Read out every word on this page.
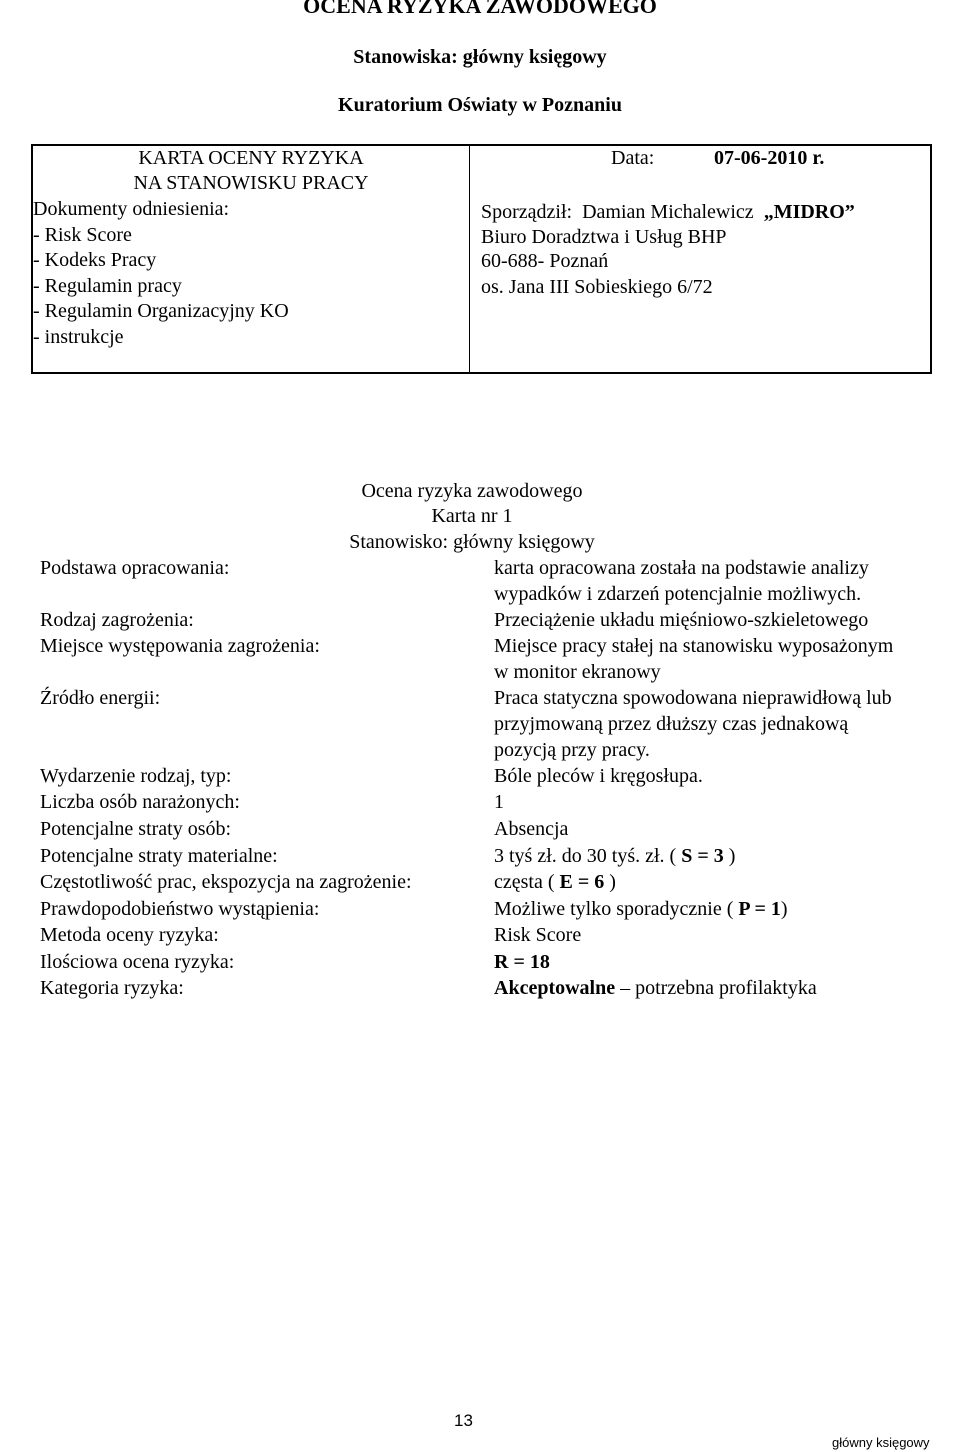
OCENA RYZYKA ZAWODOWEGO
Stanowiska: główny księgowy
Kuratorium Oświaty w Poznaniu
KARTA OCENY RYZYKA
NA STANOWISKU PRACY
Dokumenty odniesienia:
- Risk Score
- Kodeks Pracy
- Regulamin pracy
- Regulamin Organizacyjny KO
- instrukcje
Data:	07-06-2010 r.
Sporządził: Damian Michalewicz „MIDRO”
Biuro Doradztwa i Usług BHP
60-688- Poznań
os. Jana III Sobieskiego 6/72
Ocena ryzyka zawodowego
Karta nr 1
Stanowisko: główny księgowy
Podstawa opracowania:	karta opracowana została na podstawie analizy
wypadków i zdarzeń potencjalnie możliwych.
Rodzaj zagrożenia:	Przeciążenie układu mięśniowo-szkieletowego
Miejsce występowania zagrożenia:	Miejsce pracy stałej na stanowisku wyposażonym
w monitor ekranowy
Źródło energii:	Praca statyczna spowodowana nieprawidłową lub
przyjmowaną przez dłuższy czas jednakową
pozycją przy pracy.
Wydarzenie rodzaj, typ:	Bóle pleców i kręgosłupa.
Liczba osób narażonych:	1
Potencjalne straty osób:	Absencja
Potencjalne straty materialne:	3 tyś zł. do 30 tyś. zł. ( S = 3 )
Częstotliwość prac, ekspozycja na zagrożenie:	częsta ( E = 6 )
Prawdopodobieństwo wystąpienia:	Możliwe tylko sporadycznie ( P = 1)
Metoda oceny ryzyka:	Risk Score
Ilościowa ocena ryzyka:	R = 18
Kategoria ryzyka:	Akceptowalne – potrzebna profilaktyka
13
główny księgowy
